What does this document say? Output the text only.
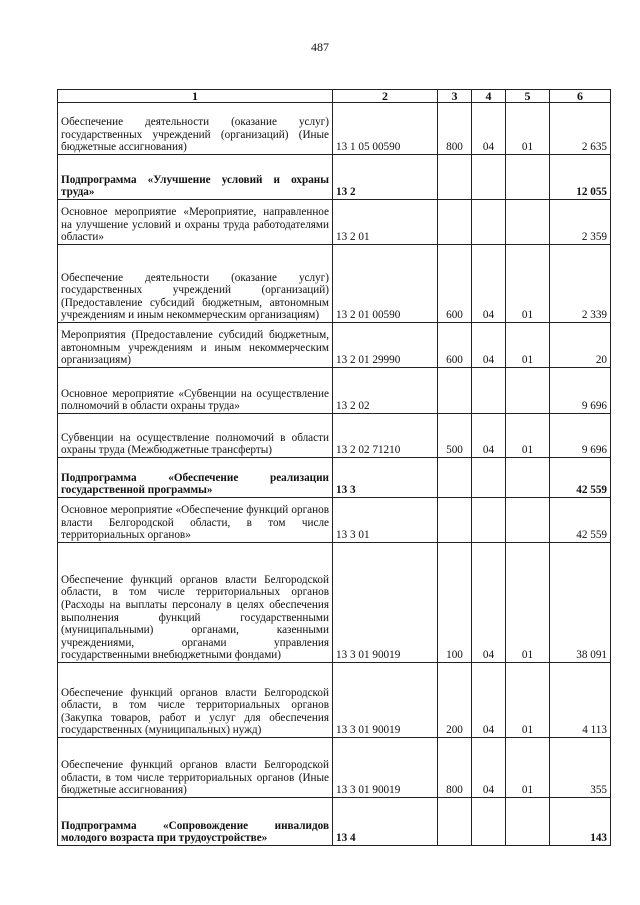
487
1	2	3	4	5	6
Обеспечение деятельности (оказание услуг) государственных учреждений (организаций) (Иные бюджетные ассигнования)	13 1 05 00590	800	04	01	2 635
Подпрограмма «Улучшение условий и охраны труда»	13 2				12 055
Основное мероприятие «Мероприятие, направленное на улучшение условий и охраны труда работодателями области»	13 2 01				2 359
Обеспечение деятельности (оказание услуг) государственных учреждений (организаций) (Предоставление субсидий бюджетным, автономным учреждениям и иным некоммерческим организациям)	13 2 01 00590	600	04	01	2 339
Мероприятия (Предоставление субсидий бюджетным, автономным учреждениям и иным некоммерческим организациям)	13 2 01 29990	600	04	01	20
Основное мероприятие «Субвенции на осуществление полномочий в области охраны труда»	13 2 02				9 696
Субвенции на осуществление полномочий в области охраны труда (Межбюджетные трансферты)	13 2 02 71210	500	04	01	9 696
Подпрограмма «Обеспечение реализации государственной программы»	13 3				42 559
Основное мероприятие «Обеспечение функций органов власти Белгородской области, в том числе территориальных органов»	13 3 01				42 559
Обеспечение функций органов власти Белгородской области, в том числе территориальных органов (Расходы на выплаты персоналу в целях обеспечения выполнения функций государственными (муниципальными) органами, казенными учреждениями, органами управления государственными внебюджетными фондами)	13 3 01 90019	100	04	01	38 091
Обеспечение функций органов власти Белгородской области, в том числе территориальных органов (Закупка товаров, работ и услуг для обеспечения государственных (муниципальных) нужд)	13 3 01 90019	200	04	01	4 113
Обеспечение функций органов власти Белгородской области, в том числе территориальных органов (Иные бюджетные ассигнования)	13 3 01 90019	800	04	01	355
Подпрограмма «Сопровождение инвалидов молодого возраста при трудоустройстве»	13 4				143
